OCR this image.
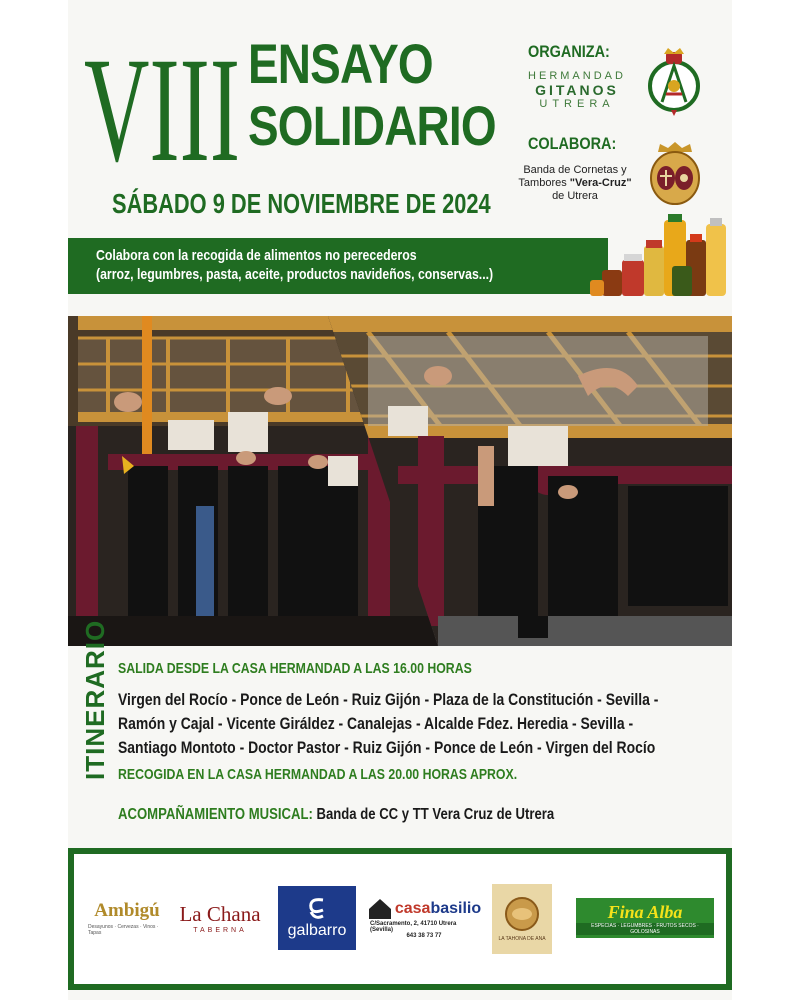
VIII ENSAYO
SOLIDARIO
SÁBADO 9 DE NOVIEMBRE DE 2024
ORGANIZA:
HERMANDAD
GITANOS
UTRERA
COLABORA:
Banda de Cornetas y
Tambores "Vera-Cruz"
de Utrera
Colabora con la recogida de alimentos no perecederos
(arroz, legumbres, pasta, aceite, productos navideños, conservas...)
ITINERARIO SALIDA DESDE LA CASA HERMANDAD A LAS 16.00 HORAS
Virgen del Rocío - Ponce de León - Ruiz Gijón - Plaza de la Constitución - Sevilla -
Ramón y Cajal - Vicente Giráldez - Canalejas - Alcalde Fdez. Heredia - Sevilla -
Santiago Montoto - Doctor Pastor - Ruiz Gijón - Ponce de León - Virgen del Rocío
RECOGIDA EN LA CASA HERMANDAD A LAS 20.00 HORAS APROX.
ACOMPAÑAMIENTO MUSICAL: Banda de CC y TT Vera Cruz de Utrera
Ambigú
Desayunos · Cervezas · Vinos · Tapas
La Chana
TABERNA	galbarro
casa basilio
C/Sacramento, 2, 41710 Utrera (Sevilla)
643 38 73 77	LA TAHONA DE ANA
Fina Alba
ESPECIAS · LEGUMBRES · FRUTOS SECOS · GOLOSINAS
